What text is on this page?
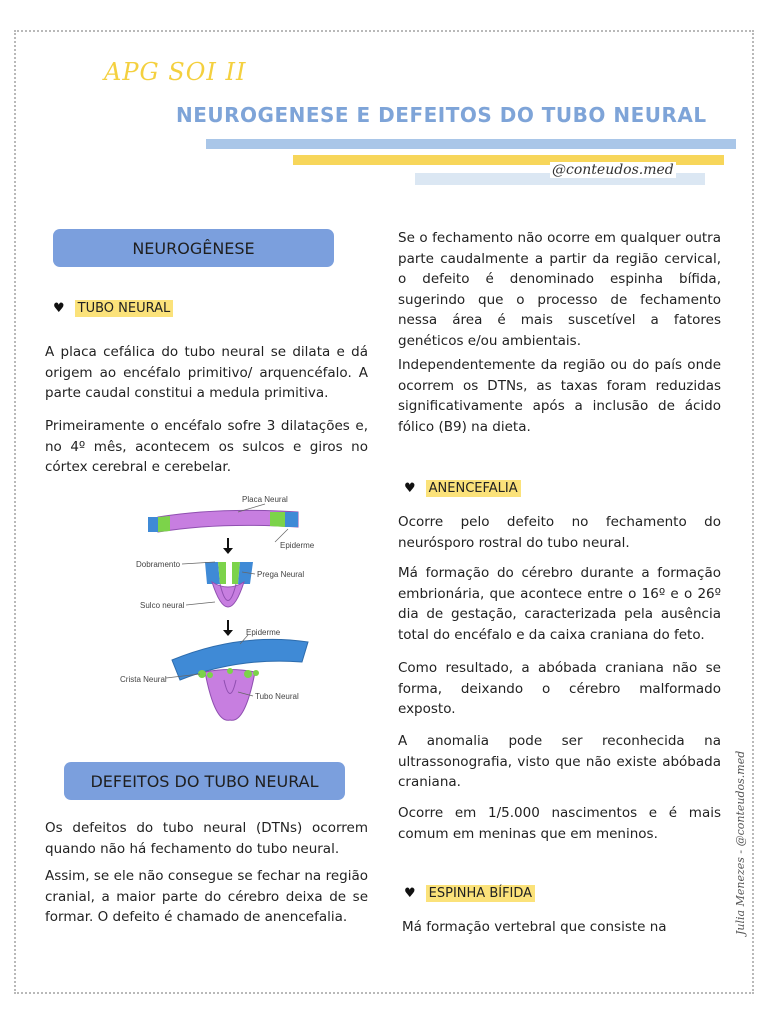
APG SOI II
NEUROGENESE E DEFEITOS DO TUBO NEURAL
@conteudos.med
NEUROGÊNESE
♥ TUBO NEURAL
A placa cefálica do tubo neural se dilata e dá origem ao encéfalo primitivo/ arquencéfalo. A parte caudal constitui a medula primitiva.
Primeiramente o encéfalo sofre 3 dilatações e, no 4º mês, acontecem os sulcos e giros no córtex cerebral e cerebelar.
Placa Neural
Epiderme
Dobramento
Prega Neural
Sulco neural
Epiderme
Crista Neural
Tubo Neural
DEFEITOS DO TUBO NEURAL
Os defeitos do tubo neural (DTNs) ocorrem quando não há fechamento do tubo neural.
Assim, se ele não consegue se fechar na região cranial, a maior parte do cérebro deixa de se formar. O defeito é chamado de anencefalia.
Se o fechamento não ocorre em qualquer outra parte caudalmente a partir da região cervical, o defeito é denominado espinha bífida, sugerindo que o processo de fechamento nessa área é mais suscetível a fatores genéticos e/ou ambientais.
Independentemente da região ou do país onde ocorrem os DTNs, as taxas foram reduzidas significativamente após a inclusão de ácido fólico (B9) na dieta.
♥ ANENCEFALIA
Ocorre pelo defeito no fechamento do neurósporo rostral do tubo neural.
Má formação do cérebro durante a formação embrionária, que acontece entre o 16º e o 26º dia de gestação, caracterizada pela ausência total do encéfalo e da caixa craniana do feto.
Como resultado, a abóbada craniana não se forma, deixando o cérebro malformado exposto.
A anomalia pode ser reconhecida na ultrassonografia, visto que não existe abóbada craniana.
Ocorre em 1/5.000 nascimentos e é mais comum em meninas que em meninos.
♥ ESPINHA BÍFIDA
Má formação vertebral que consiste na	Julia Menezes - @conteudos.med
